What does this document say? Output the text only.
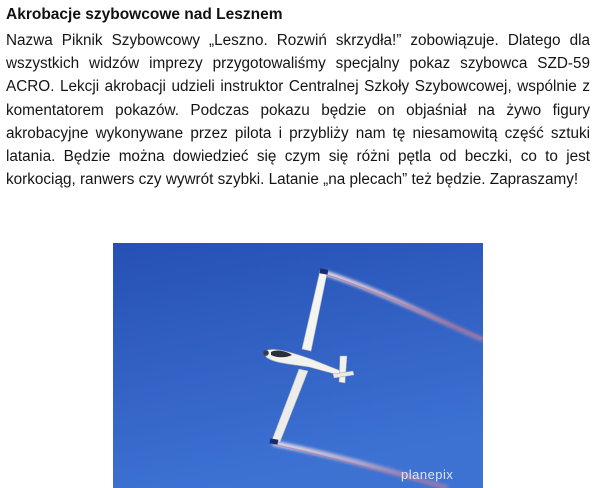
Akrobacje szybowcowe nad Lesznem

Nazwa Piknik Szybowcowy „Leszno. Rozwiń skrzydła!” zobowiązuje. Dlatego dla wszystkich widzów imprezy przygotowaliśmy specjalny pokaz szybowca SZD-59 ACRO. Lekcji akrobacji udzieli instruktor Centralnej Szkoły Szybowcowej, wspólnie z komentatorem pokazów. Podczas pokazu będzie on objaśniał na żywo figury akrobacyjne wykonywane przez pilota i przybliży nam tę niesamowitą część sztuki latania. Będzie można dowiedzieć się czym się różni pętla od beczki, co to jest korkociąg, ranwers czy wywrót szybki. Latanie „na plecach” też będzie. Zapraszamy!

planepix
